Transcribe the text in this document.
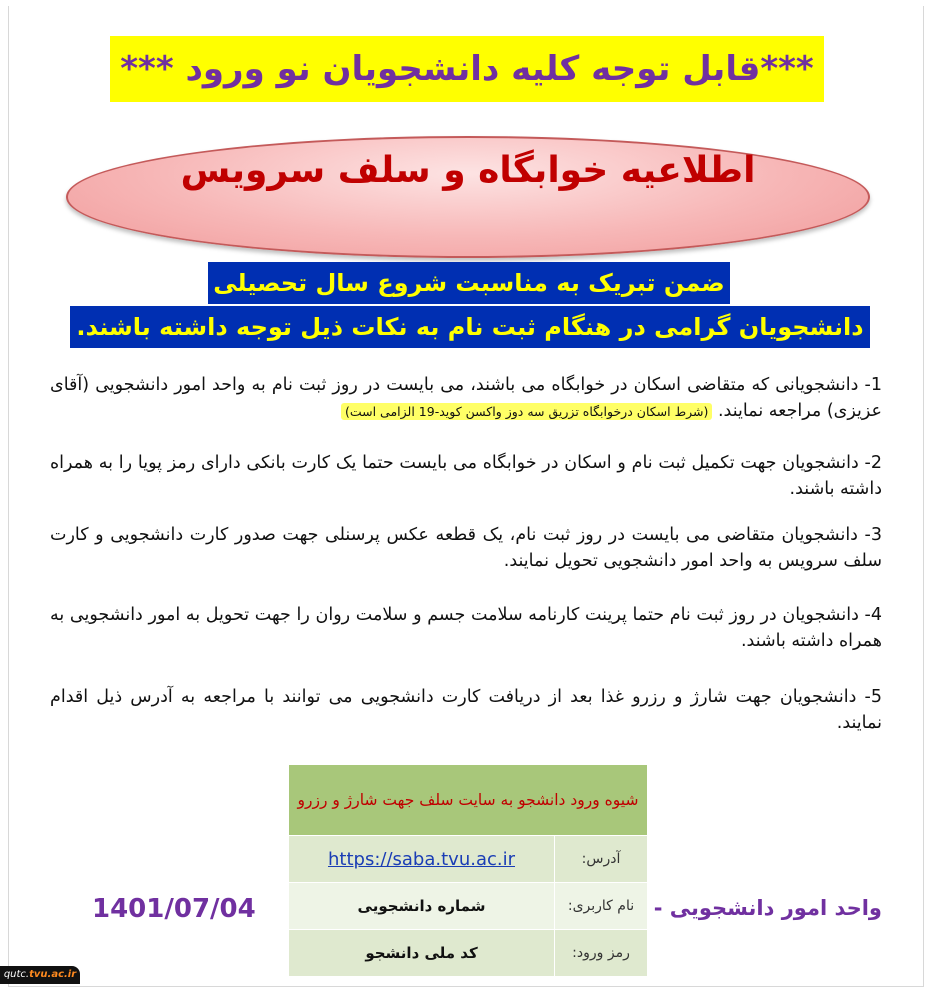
***قابل توجه کلیه دانشجویان نو ورود ***
اطلاعیه خوابگاه و سلف سرویس
ضمن تبریک به مناسبت شروع سال تحصیلی
دانشجویان گرامی در هنگام ثبت نام به نکات ذیل توجه داشته باشند.
1- دانشجویانی که متقاضی اسکان در خوابگاه می باشند، می بایست در روز ثبت نام به واحد امور دانشجویی (آقای عزیزی) مراجعه نمایند. (شرط اسکان درخوابگاه تزریق سه دوز واکسن کوید-19 الزامی است)
2- دانشجویان جهت تکمیل ثبت نام و اسکان در خوابگاه می بایست حتما یک کارت بانکی دارای رمز پویا را به همراه داشته باشند.
3- دانشجویان متقاضی می بایست در روز ثبت نام، یک قطعه عکس پرسنلی جهت صدور کارت دانشجویی و کارت سلف سرویس به واحد امور دانشجویی تحویل نمایند.
4- دانشجویان در روز ثبت نام حتما پرینت کارنامه سلامت جسم و سلامت روان را جهت تحویل به امور دانشجویی به همراه داشته باشند.
5- دانشجویان جهت شارژ و رزرو غذا بعد از دریافت کارت دانشجویی می توانند با مراجعه به آدرس ذیل اقدام نمایند.
شیوه ورود دانشجو به سایت سلف جهت شارژ و رزرو	
آدرس:	https://saba.tvu.ac.ir
نام کاربری:	شماره دانشجویی
رمز ورود:	کد ملی دانشجو
واحد امور دانشجویی -
1401/07/04
qutc.tvu.ac.ir
